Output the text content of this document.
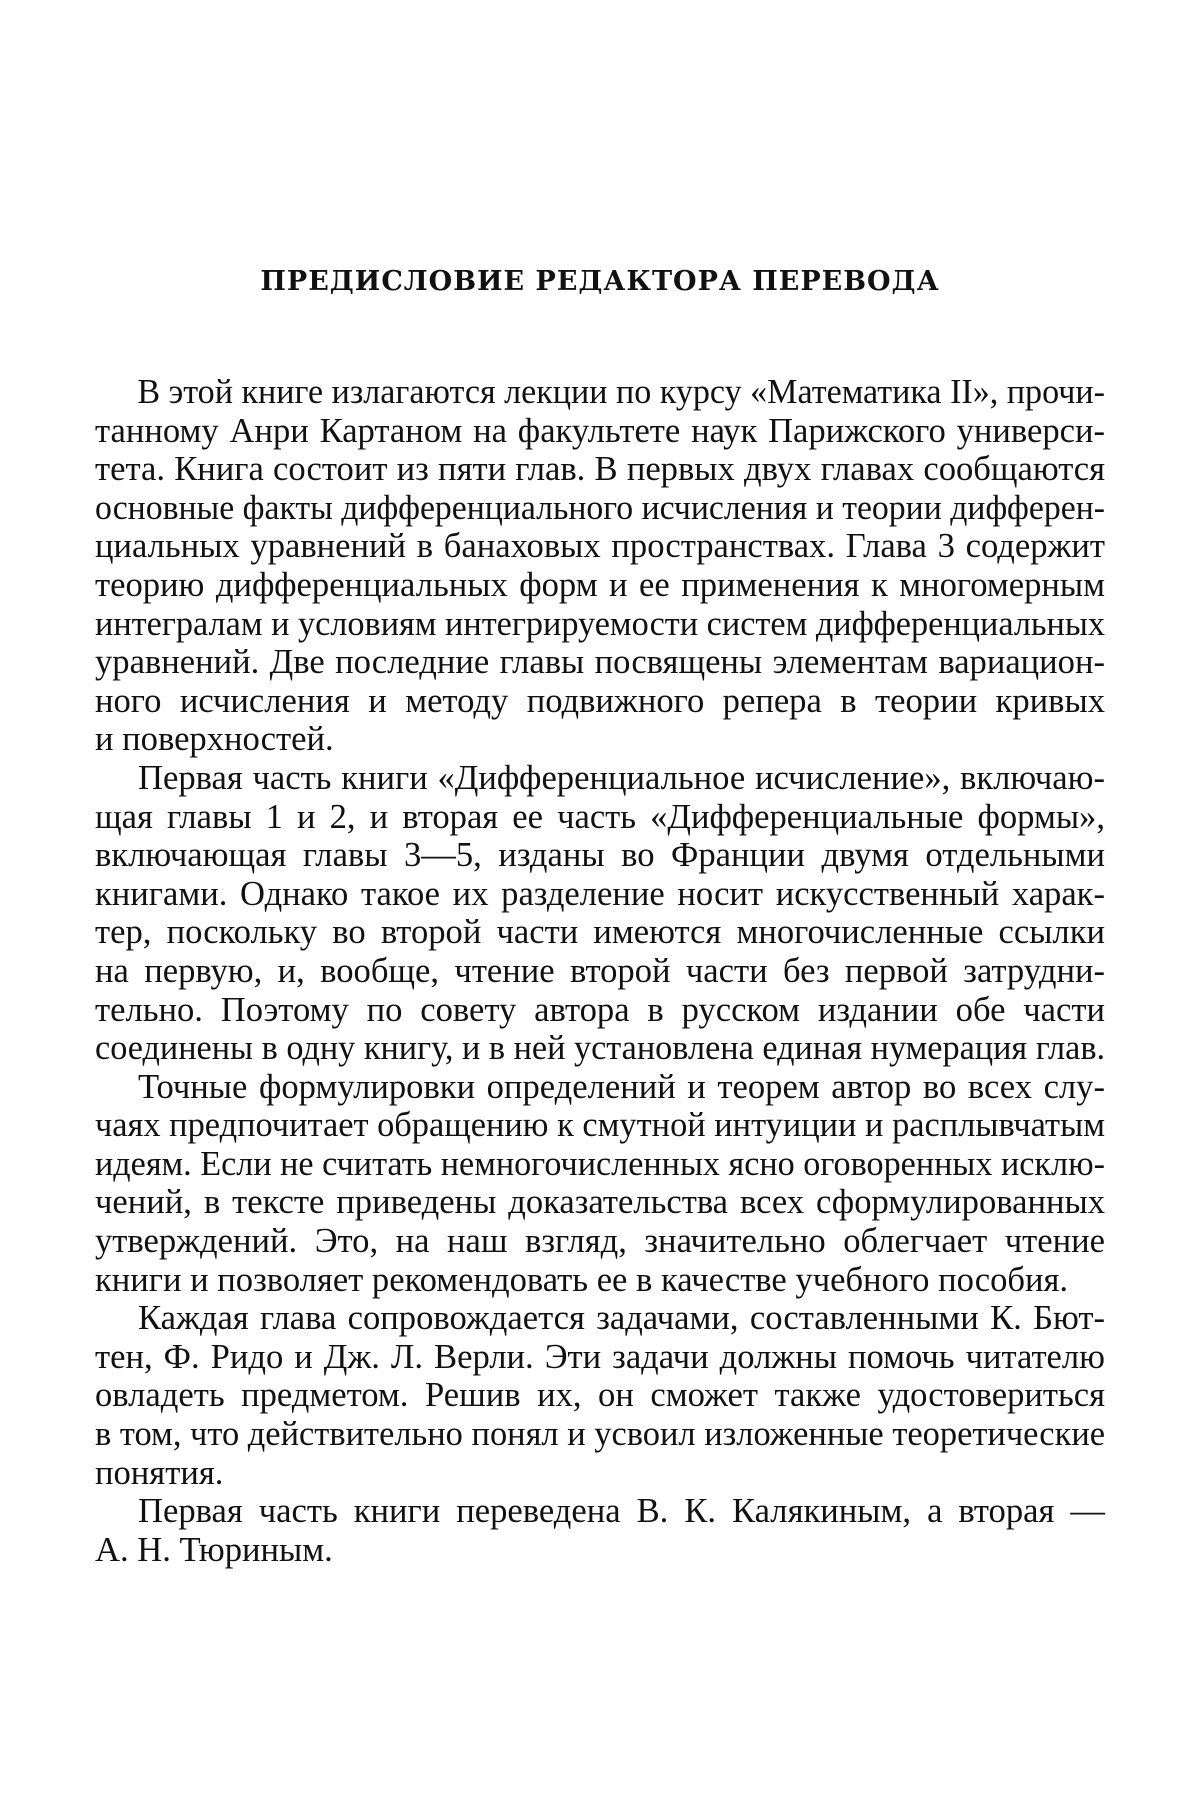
ПРЕДИСЛОВИЕ РЕДАКТОРА ПЕРЕВОДА
В этой книге излагаются лекции по курсу «Математика II», прочи-
танному Анри Картаном на факультете наук Парижского универси-
тета. Книга состоит из пяти глав. В первых двух главах сообщаются
основные факты дифференциального исчисления и теории дифферен-
циальных уравнений в банаховых пространствах. Глава 3 содержит
теорию дифференциальных форм и ее применения к многомерным
интегралам и условиям интегрируемости систем дифференциальных
уравнений. Две последние главы посвящены элементам вариацион-
ного исчисления и методу подвижного репера в теории кривых
и поверхностей.
Первая часть книги «Дифференциальное исчисление», включаю-
щая главы 1 и 2, и вторая ее часть «Дифференциальные формы»,
включающая главы 3—5, изданы во Франции двумя отдельными
книгами. Однако такое их разделение носит искусственный харак-
тер, поскольку во второй части имеются многочисленные ссылки
на первую, и, вообще, чтение второй части без первой затрудни-
тельно. Поэтому по совету автора в русском издании обе части
соединены в одну книгу, и в ней установлена единая нумерация глав.
Точные формулировки определений и теорем автор во всех слу-
чаях предпочитает обращению к смутной интуиции и расплывчатым
идеям. Если не считать немногочисленных ясно оговоренных исклю-
чений, в тексте приведены доказательства всех сформулированных
утверждений. Это, на наш взгляд, значительно облегчает чтение
книги и позволяет рекомендовать ее в качестве учебного пособия.
Каждая глава сопровождается задачами, составленными К. Бют-
тен, Ф. Ридо и Дж. Л. Верли. Эти задачи должны помочь читателю
овладеть предметом. Решив их, он сможет также удостовериться
в том, что действительно понял и усвоил изложенные теоретические
понятия.
Первая часть книги переведена В. К. Калякиным, а вторая —
А. Н. Тюриным.
